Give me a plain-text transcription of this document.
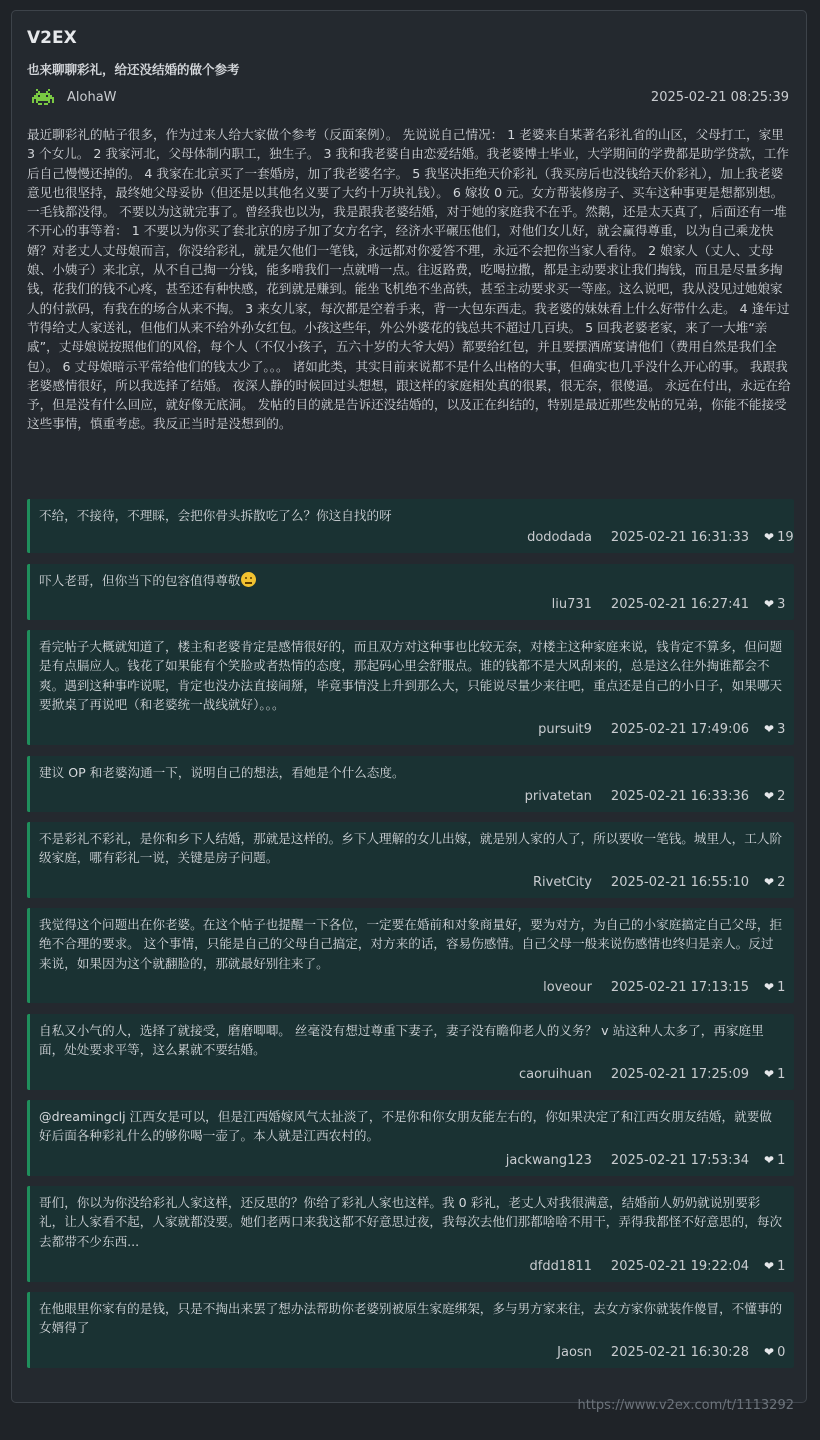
V2EX
也来聊聊彩礼，给还没结婚的做个参考
AlohaW	2025-02-21 08:25:39
最近聊彩礼的帖子很多，作为过来人给大家做个参考（反面案例）。 先说说自己情况： 1 老婆来自某著名彩礼省的山区，父母打工，家里 3 个女儿。 2 我家河北，父母体制内职工，独生子。 3 我和我老婆自由恋爱结婚。我老婆博士毕业，大学期间的学费都是助学贷款，工作后自己慢慢还掉的。 4 我家在北京买了一套婚房，加了我老婆名字。 5 我坚决拒绝天价彩礼（我买房后也没钱给天价彩礼），加上我老婆意见也很坚持，最终她父母妥协（但还是以其他名义要了大约十万块礼钱）。 6 嫁妆 0 元。女方帮装修房子、买车这种事更是想都别想。一毛钱都没得。 不要以为这就完事了。曾经我也以为，我是跟我老婆结婚，对于她的家庭我不在乎。然鹅，还是太天真了，后面还有一堆不开心的事等着： 1 不要以为你买了套北京的房子加了女方名字，经济水平碾压他们，对他们女儿好，就会赢得尊重，以为自己乘龙快婿？对老丈人丈母娘而言，你没给彩礼，就是欠他们一笔钱，永远都对你爱答不理，永远不会把你当家人看待。 2 娘家人（丈人、丈母娘、小姨子）来北京，从不自己掏一分钱，能多啃我们一点就啃一点。往返路费，吃喝拉撒，都是主动要求让我们掏钱，而且是尽量多掏钱，花我们的钱不心疼，甚至还有种快感，花到就是赚到。能坐飞机绝不坐高铁，甚至主动要求买一等座。这么说吧，我从没见过她娘家人的付款码，有我在的场合从来不掏。 3 来女儿家，每次都是空着手来，背一大包东西走。我老婆的妹妹看上什么好带什么走。 4 逢年过节得给丈人家送礼，但他们从来不给外孙女红包。小孩这些年，外公外婆花的钱总共不超过几百块。 5 回我老婆老家，来了一大堆“亲戚”，丈母娘说按照他们的风俗，每个人（不仅小孩子，五六十岁的大爷大妈）都要给红包，并且要摆酒席宴请他们（费用自然是我们全包）。 6 丈母娘暗示平常给他们的钱太少了。。。 诸如此类，其实目前来说都不是什么出格的大事，但确实也几乎没什么开心的事。 我跟我老婆感情很好，所以我选择了结婚。 夜深人静的时候回过头想想，跟这样的家庭相处真的很累，很无奈，很傻逼。 永远在付出，永远在给予，但是没有什么回应，就好像无底洞。 发帖的目的就是告诉还没结婚的，以及正在纠结的，特别是最近那些发帖的兄弟，你能不能接受这些事情，慎重考虑。我反正当时是没想到的。
不给，不接待，不理睬，会把你骨头拆散吃了么？你这自找的呀
dododada 2025-02-21 16:31:33 ❤ 19
吓人老哥，但你当下的包容值得尊敬
liu731 2025-02-21 16:27:41 ❤ 3
看完帖子大概就知道了，楼主和老婆肯定是感情很好的，而且双方对这种事也比较无奈，对楼主这种家庭来说，钱肯定不算多，但问题是有点膈应人。钱花了如果能有个笑脸或者热情的态度，那起码心里会舒服点。谁的钱都不是大风刮来的，总是这么往外掏谁都会不爽。遇到这种事咋说呢，肯定也没办法直接闹掰，毕竟事情没上升到那么大，只能说尽量少来往吧，重点还是自己的小日子，如果哪天要掀桌了再说吧（和老婆统一战线就好）。。。
pursuit9 2025-02-21 17:49:06 ❤ 3
建议 OP 和老婆沟通一下，说明自己的想法，看她是个什么态度。
privatetan 2025-02-21 16:33:36 ❤ 2
不是彩礼不彩礼，是你和乡下人结婚，那就是这样的。乡下人理解的女儿出嫁，就是别人家的人了，所以要收一笔钱。城里人，工人阶级家庭，哪有彩礼一说，关键是房子问题。
RivetCity 2025-02-21 16:55:10 ❤ 2
我觉得这个问题出在你老婆。在这个帖子也提醒一下各位，一定要在婚前和对象商量好，要为对方，为自己的小家庭搞定自己父母，拒绝不合理的要求。 这个事情，只能是自己的父母自己搞定，对方来的话，容易伤感情。自己父母一般来说伤感情也终归是亲人。反过来说，如果因为这个就翻脸的，那就最好别往来了。
loveour 2025-02-21 17:13:15 ❤ 1
自私又小气的人，选择了就接受，磨磨唧唧。 丝毫没有想过尊重下妻子，妻子没有瞻仰老人的义务？ v 站这种人太多了，再家庭里面，处处要求平等，这么累就不要结婚。
caoruihuan 2025-02-21 17:25:09 ❤ 1
@dreamingclj 江西女是可以，但是江西婚嫁风气太扯淡了，不是你和你女朋友能左右的，你如果决定了和江西女朋友结婚，就要做好后面各种彩礼什么的够你喝一壶了。本人就是江西农村的。
jackwang123 2025-02-21 17:53:34 ❤ 1
哥们，你以为你没给彩礼人家这样，还反思的？你给了彩礼人家也这样。我 0 彩礼，老丈人对我很满意，结婚前人奶奶就说别要彩礼，让人家看不起，人家就都没要。她们老两口来我这都不好意思过夜，我每次去他们那都啥啥不用干，弄得我都怪不好意思的，每次去都带不少东西...
dfdd1811 2025-02-21 19:22:04 ❤ 1
在他眼里你家有的是钱，只是不掏出来罢了想办法帮助你老婆别被原生家庭绑架，多与男方家来往，去女方家你就装作傻冒，不懂事的女婿得了
Jaosn 2025-02-21 16:30:28 ❤ 0
https://www.v2ex.com/t/1113292
